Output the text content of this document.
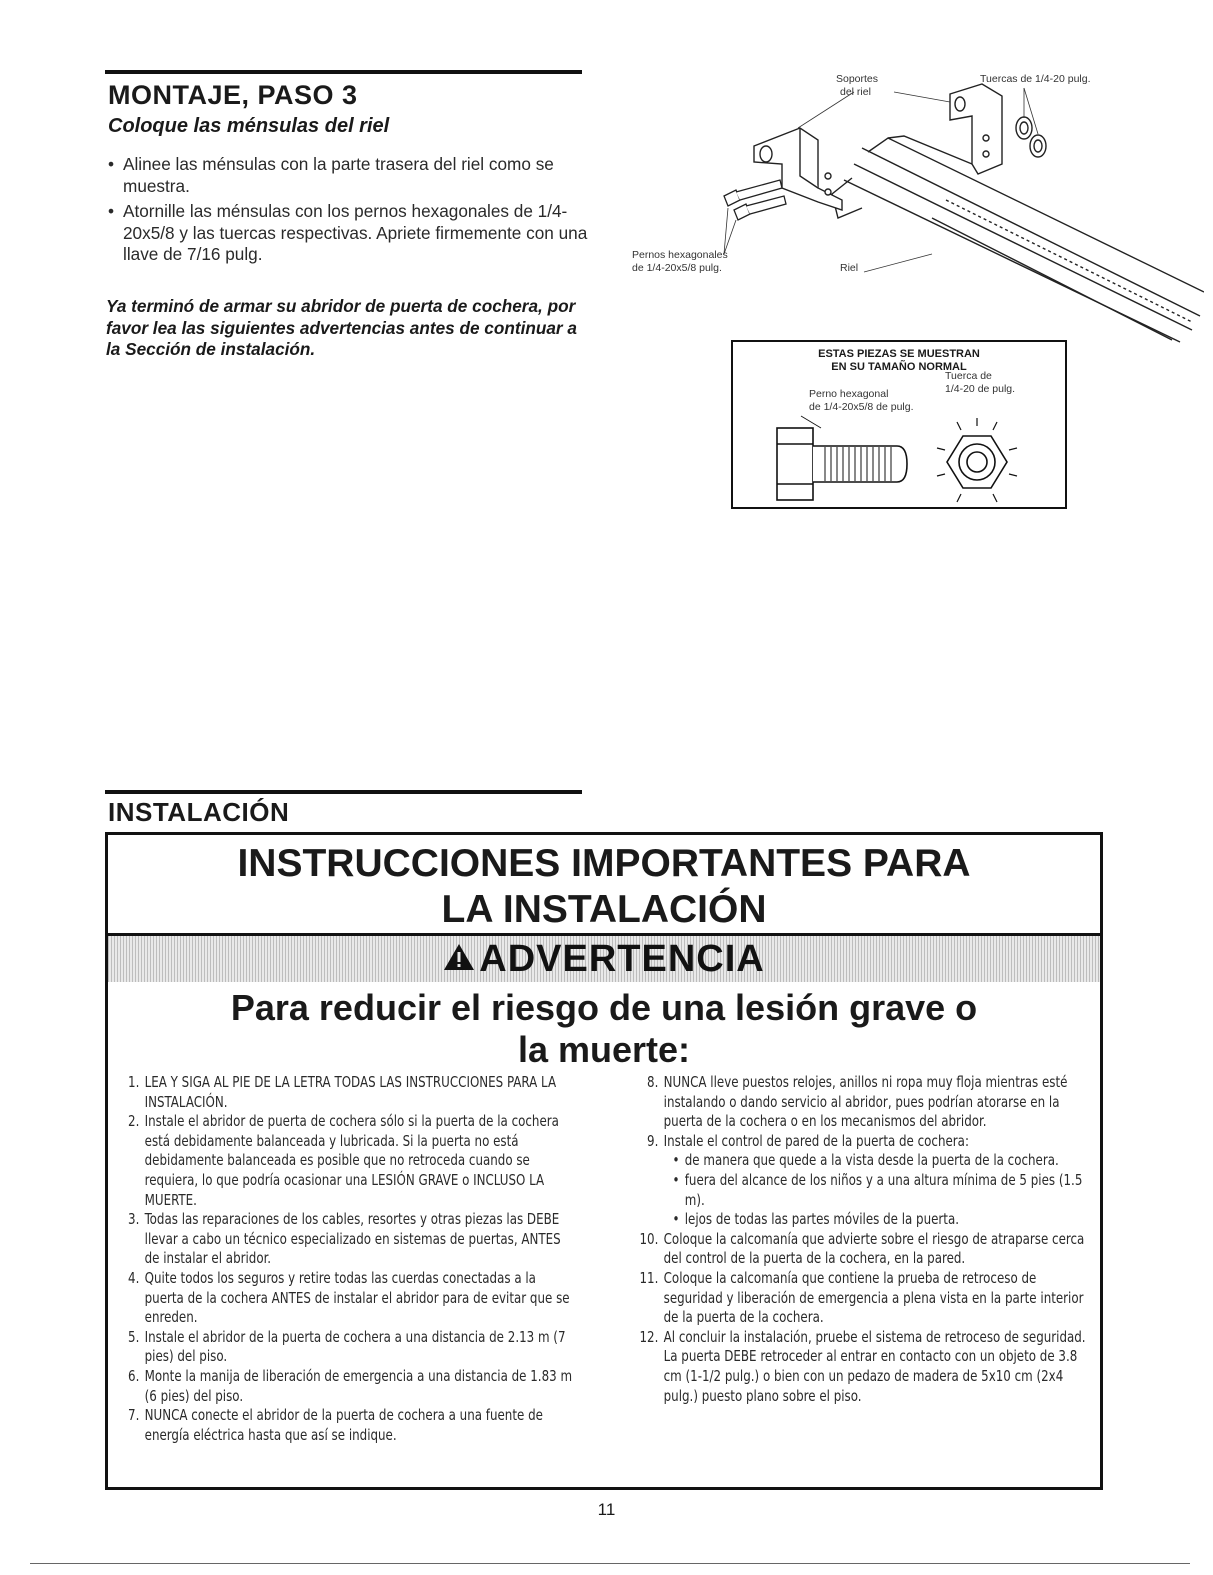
MONTAJE, PASO 3
Coloque las ménsulas del riel
• Alinee las ménsulas con la parte trasera del riel como se muestra.
• Atornille las ménsulas con los pernos hexagonales de 1/4-20x5/8 y las tuercas respectivas. Apriete firmemente con una llave de 7/16 pulg.

Ya terminó de armar su abridor de puerta de cochera, por favor lea las siguientes advertencias antes de continuar a la Sección de instalación.

Soportes
del riel
Tuercas de 1/4-20 pulg.
Pernos hexagonales
de 1/4-20x5/8 pulg.	Riel

ESTAS PIEZAS SE MUESTRAN
EN SU TAMAÑO NORMAL

Perno hexagonal
de 1/4-20x5/8 de pulg.
Tuerca de
1/4-20 de pulg.
INSTALACIÓN
INSTRUCCIONES IMPORTANTES PARA
LA INSTALACIÓN
ADVERTENCIA
Para reducir el riesgo de una lesión grave o
la muerte:
1. LEA Y SIGA AL PIE DE LA LETRA TODAS LAS INSTRUCCIONES PARA LA INSTALACIÓN.
2. Instale el abridor de puerta de cochera sólo si la puerta de la cochera está debidamente balanceada y lubricada. Si la puerta no está debidamente balanceada es posible que no retroceda cuando se requiera, lo que podría ocasionar una LESIÓN GRAVE o INCLUSO LA MUERTE.
3. Todas las reparaciones de los cables, resortes y otras piezas las DEBE llevar a cabo un técnico especializado en sistemas de puertas, ANTES de instalar el abridor.
4. Quite todos los seguros y retire todas las cuerdas conectadas a la puerta de la cochera ANTES de instalar el abridor para de evitar que se enreden.
5. Instale el abridor de la puerta de cochera a una distancia de 2.13 m (7 pies) del piso.
6. Monte la manija de liberación de emergencia a una distancia de 1.83 m (6 pies) del piso.
7. NUNCA conecte el abridor de la puerta de cochera a una fuente de energía eléctrica hasta que así se indique.
8. NUNCA lleve puestos relojes, anillos ni ropa muy floja mientras esté instalando o dando servicio al abridor, pues podrían atorarse en la puerta de la cochera o en los mecanismos del abridor.
9. Instale el control de pared de la puerta de cochera:
• de manera que quede a la vista desde la puerta de la cochera.
• fuera del alcance de los niños y a una altura mínima de 5 pies (1.5 m).
• lejos de todas las partes móviles de la puerta.
10. Coloque la calcomanía que advierte sobre el riesgo de atraparse cerca del control de la puerta de la cochera, en la pared.
11. Coloque la calcomanía que contiene la prueba de retroceso de seguridad y liberación de emergencia a plena vista en la parte interior de la puerta de la cochera.
12. Al concluir la instalación, pruebe el sistema de retroceso de seguridad. La puerta DEBE retroceder al entrar en contacto con un objeto de 3.8 cm (1-1/2 pulg.) o bien con un pedazo de madera de 5x10 cm (2x4 pulg.) puesto plano sobre el piso.

11
